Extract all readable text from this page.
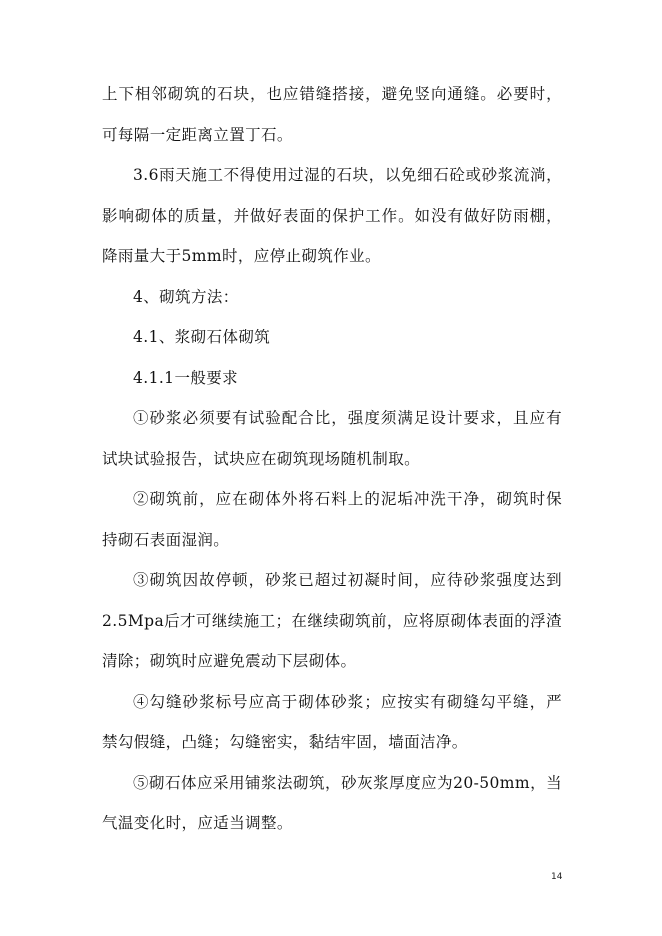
上下相邻砌筑的石块，也应错缝搭接，避免竖向通缝。必要时，可每隔一定距离立置丁石。

3.6雨天施工不得使用过湿的石块，以免细石砼或砂浆流淌，影响砌体的质量，并做好表面的保护工作。如没有做好防雨棚，降雨量大于5mm时，应停止砌筑作业。

4、砌筑方法：

4.1、浆砌石体砌筑

4.1.1一般要求

①砂浆必须要有试验配合比，强度须满足设计要求，且应有试块试验报告，试块应在砌筑现场随机制取。

②砌筑前，应在砌体外将石料上的泥垢冲洗干净，砌筑时保持砌石表面湿润。

③砌筑因故停顿，砂浆已超过初凝时间，应待砂浆强度达到2.5Mpa后才可继续施工；在继续砌筑前，应将原砌体表面的浮渣清除；砌筑时应避免震动下层砌体。

④勾缝砂浆标号应高于砌体砂浆；应按实有砌缝勾平缝，严禁勾假缝，凸缝；勾缝密实，黏结牢固，墙面洁净。

⑤砌石体应采用铺浆法砌筑，砂灰浆厚度应为20-50mm，当气温变化时，应适当调整。

14
